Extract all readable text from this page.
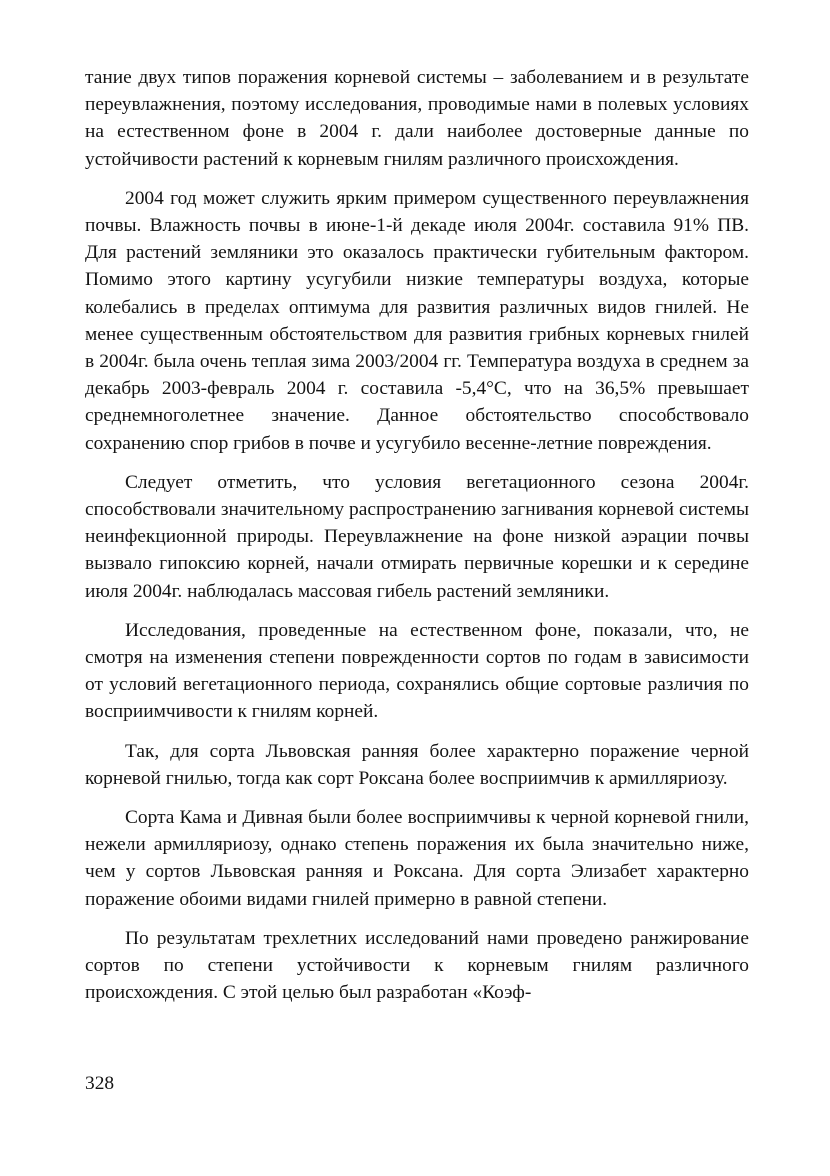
тание двух типов поражения корневой системы – заболеванием и в результате переувлажнения, поэтому исследования, проводимые нами в полевых условиях на естественном фоне в 2004 г. дали наиболее достоверные данные по устойчивости растений к корневым гнилям различного происхождения.

2004 год может служить ярким примером существенного переувлажнения почвы. Влажность почвы в июне-1-й декаде июля 2004г. составила 91% ПВ. Для растений земляники это оказалось практически губительным фактором. Помимо этого картину усугубили низкие температуры воздуха, которые колебались в пределах оптимума для развития различных видов гнилей. Не менее существенным обстоятельством для развития грибных корневых гнилей в 2004г. была очень теплая зима 2003/2004 гг. Температура воздуха в среднем за декабрь 2003-февраль 2004 г. составила -5,4°С, что на 36,5% превышает среднемноголетнее значение. Данное обстоятельство способствовало сохранению спор грибов в почве и усугубило весенне-летние повреждения.

Следует отметить, что условия вегетационного сезона 2004г. способствовали значительному распространению загнивания корневой системы неинфекционной природы. Переувлажнение на фоне низкой аэрации почвы вызвало гипоксию корней, начали отмирать первичные корешки и к середине июля 2004г. наблюдалась массовая гибель растений земляники.

Исследования, проведенные на естественном фоне, показали, что, не смотря на изменения степени поврежденности сортов по годам в зависимости от условий вегетационного периода, сохранялись общие сортовые различия по восприимчивости к гнилям корней.

Так, для сорта Львовская ранняя более характерно поражение черной корневой гнилью, тогда как сорт Роксана более восприимчив к армилляриозу.

Сорта Кама и Дивная были более восприимчивы к черной корневой гнили, нежели армилляриозу, однако степень поражения их была значительно ниже, чем у сортов Львовская ранняя и Роксана. Для сорта Элизабет характерно поражение обоими видами гнилей примерно в равной степени.

По результатам трехлетних исследований нами проведено ранжирование сортов по степени устойчивости к корневым гнилям различного происхождения. С этой целью был разработан «Коэф-

328
